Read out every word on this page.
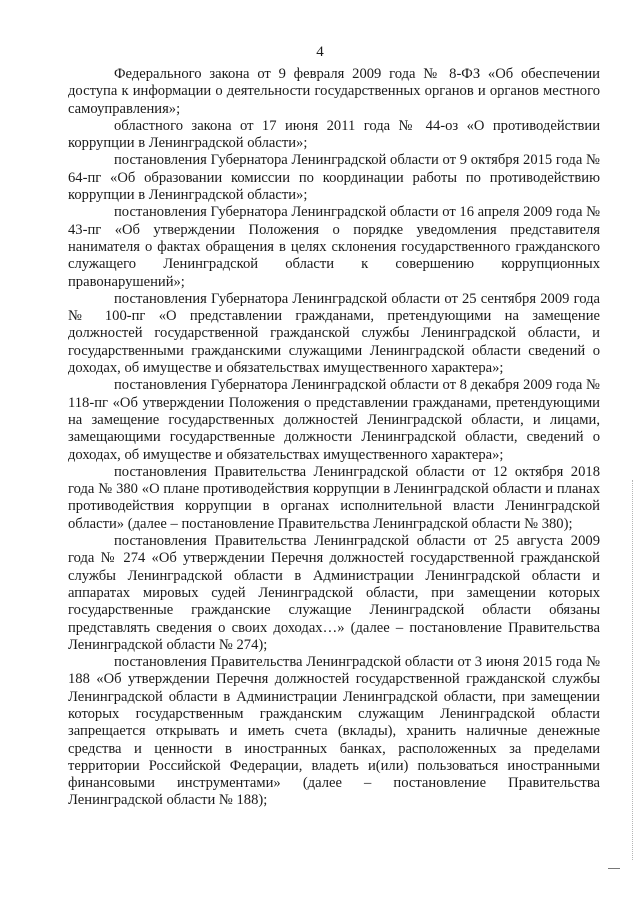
4

Федерального закона от 9 февраля 2009 года № 8-ФЗ «Об обеспечении доступа к информации о деятельности государственных органов и органов местного самоуправления»;

областного закона от 17 июня 2011 года № 44-оз «О противодействии коррупции в Ленинградской области»;

постановления Губернатора Ленинградской области от 9 октября 2015 года № 64-пг «Об образовании комиссии по координации работы по противодействию коррупции в Ленинградской области»;

постановления Губернатора Ленинградской области от 16 апреля 2009 года № 43-пг «Об утверждении Положения о порядке уведомления представителя нанимателя о фактах обращения в целях склонения государственного гражданского служащего Ленинградской области к совершению коррупционных правонарушений»;

постановления Губернатора Ленинградской области от 25 сентября 2009 года № 100-пг «О представлении гражданами, претендующими на замещение должностей государственной гражданской службы Ленинградской области, и государственными гражданскими служащими Ленинградской области сведений о доходах, об имуществе и обязательствах имущественного характера»;

постановления Губернатора Ленинградской области от 8 декабря 2009 года № 118-пг «Об утверждении Положения о представлении гражданами, претендующими на замещение государственных должностей Ленинградской области, и лицами, замещающими государственные должности Ленинградской области, сведений о доходах, об имуществе и обязательствах имущественного характера»;

постановления Правительства Ленинградской области от 12 октября 2018 года № 380 «О плане противодействия коррупции в Ленинградской области и планах противодействия коррупции в органах исполнительной власти Ленинградской области» (далее – постановление Правительства Ленинградской области № 380);

постановления Правительства Ленинградской области от 25 августа 2009 года № 274 «Об утверждении Перечня должностей государственной гражданской службы Ленинградской области в Администрации Ленинградской области и аппаратах мировых судей Ленинградской области, при замещении которых государственные гражданские служащие Ленинградской области обязаны представлять сведения о своих доходах…» (далее – постановление Правительства Ленинградской области № 274);

постановления Правительства Ленинградской области от 3 июня 2015 года № 188 «Об утверждении Перечня должностей государственной гражданской службы Ленинградской области в Администрации Ленинградской области, при замещении которых государственным гражданским служащим Ленинградской области запрещается открывать и иметь счета (вклады), хранить наличные денежные средства и ценности в иностранных банках, расположенных за пределами территории Российской Федерации, владеть и(или) пользоваться иностранными финансовыми инструментами» (далее – постановление Правительства Ленинградской области № 188);
